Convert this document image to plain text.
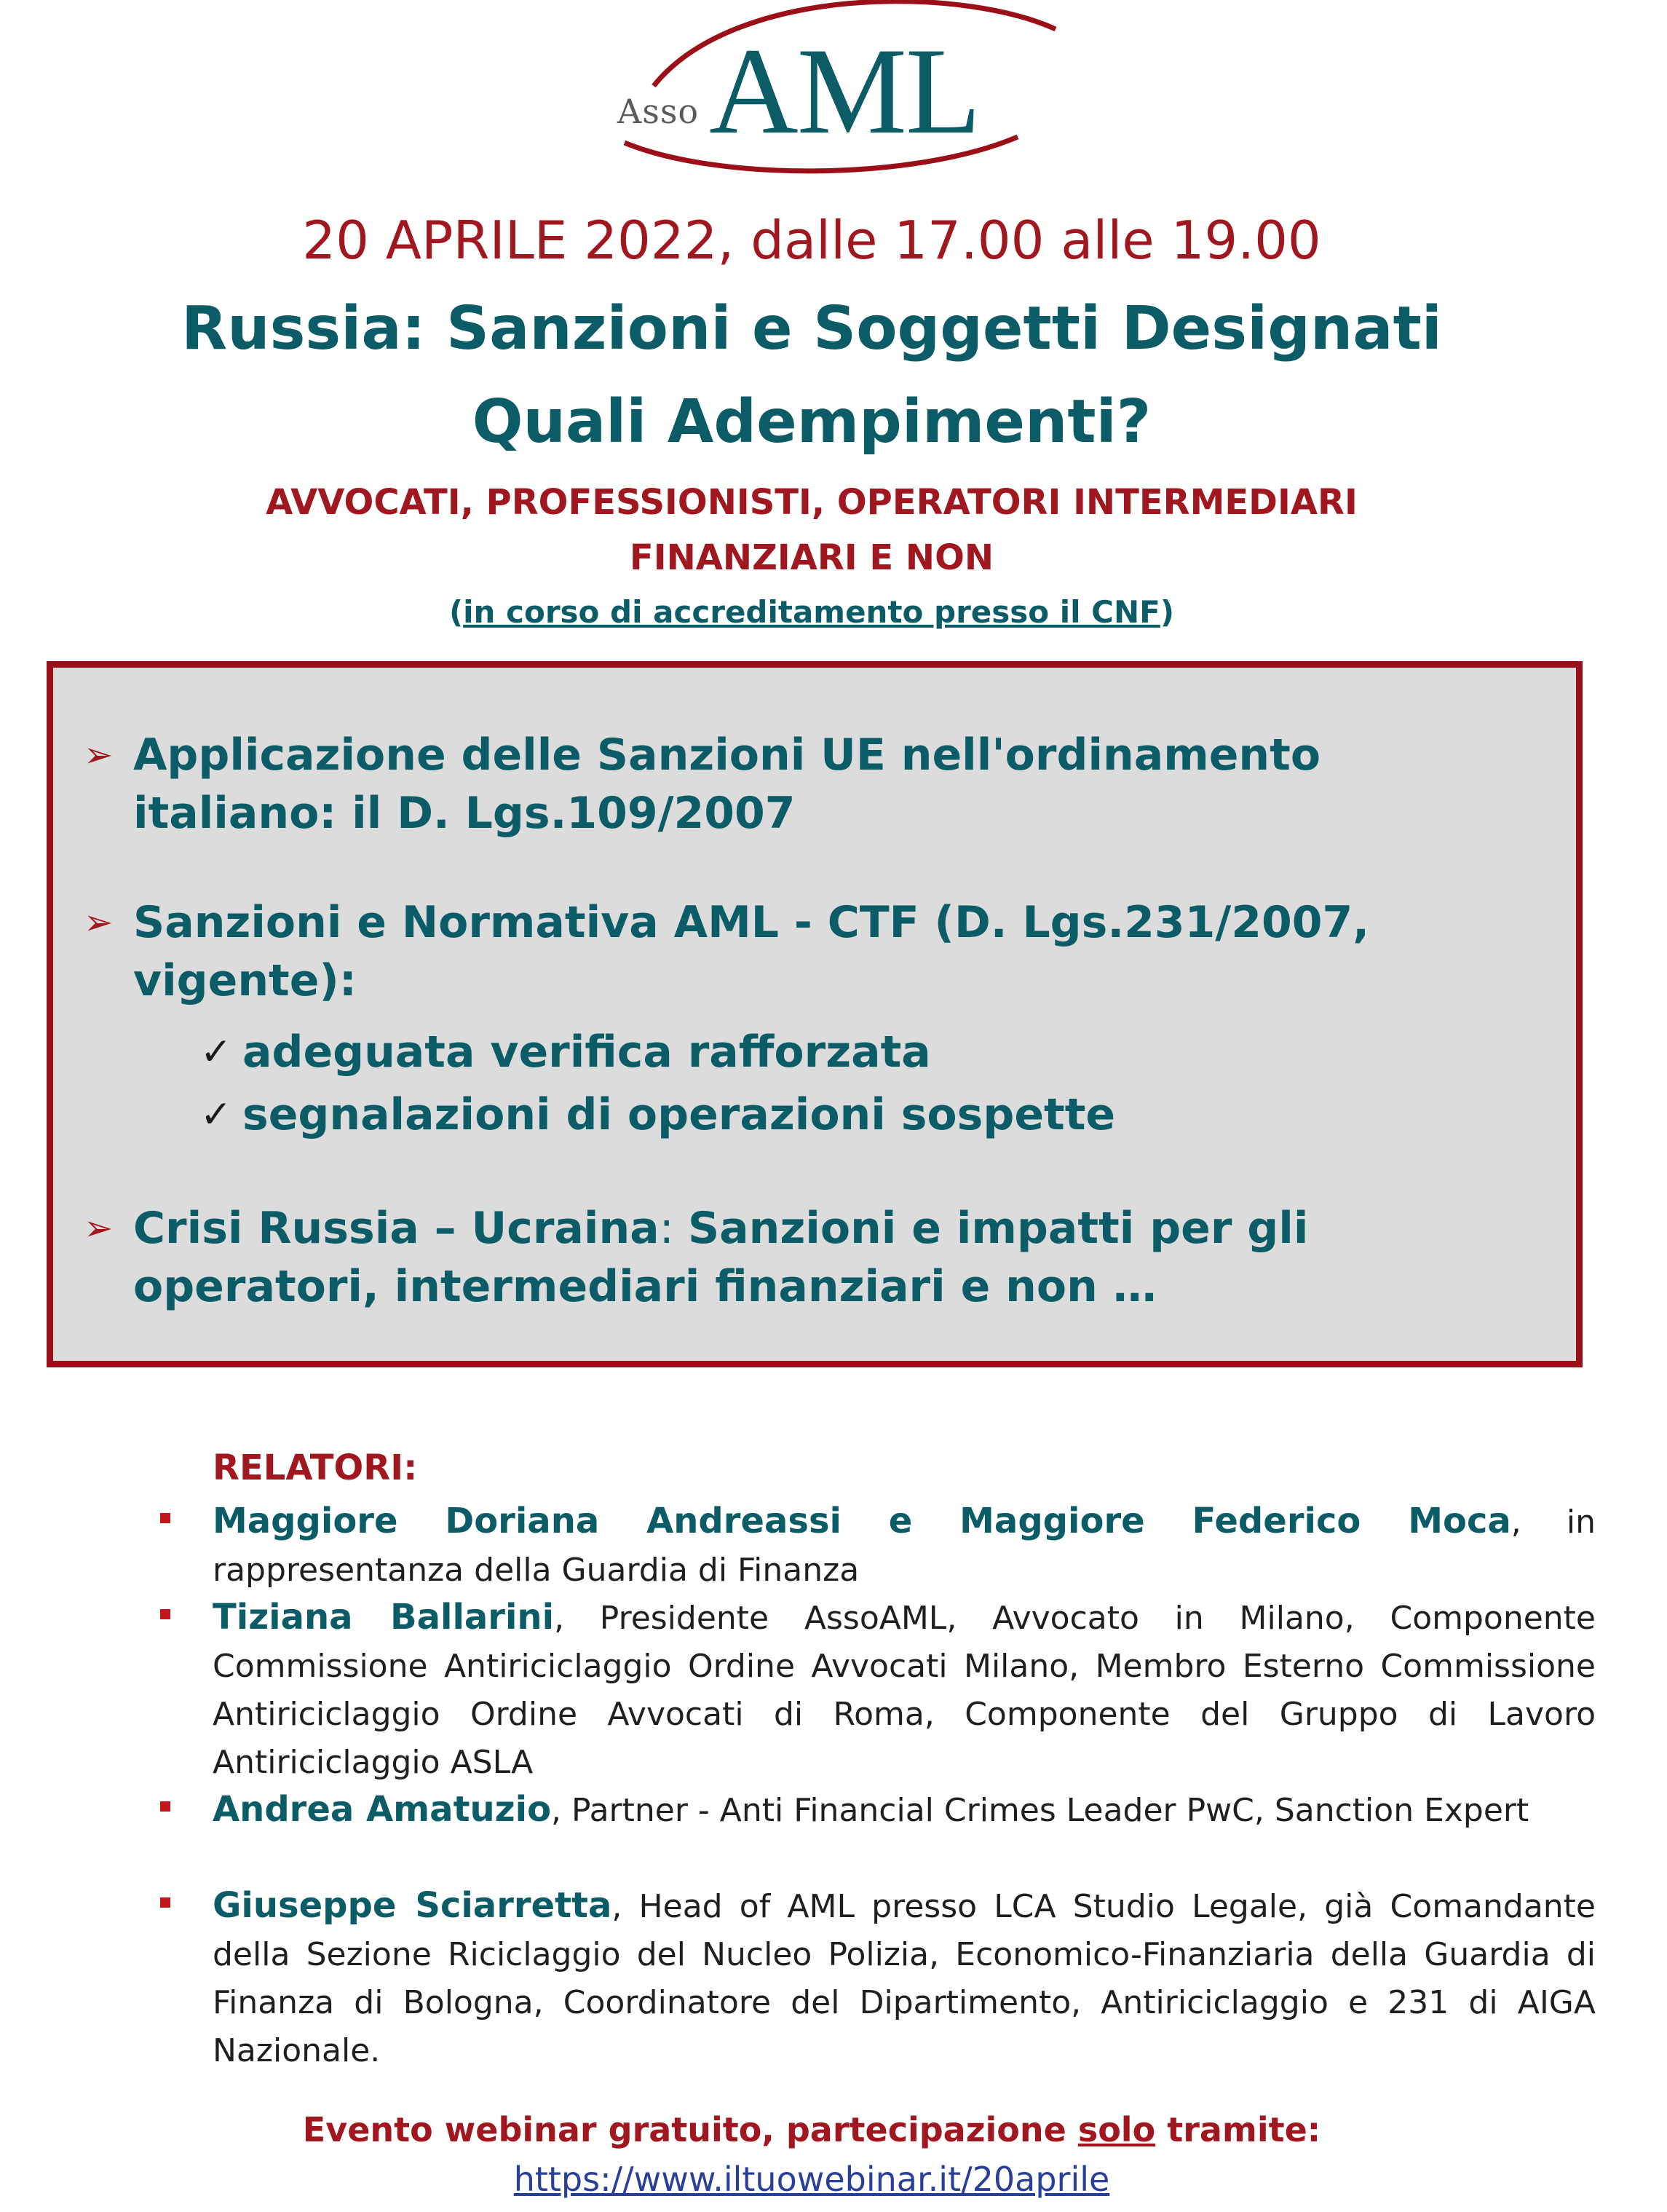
Asso AML
20 APRILE 2022, dalle 17.00 alle 19.00
Russia: Sanzioni e Soggetti Designati
Quali Adempimenti?
AVVOCATI, PROFESSIONISTI, OPERATORI INTERMEDIARI
FINANZIARI E NON
(in corso di accreditamento presso il CNF)
➢ Applicazione delle Sanzioni UE nell'ordinamento italiano: il D. Lgs.109/2007
➢ Sanzioni e Normativa AML - CTF (D. Lgs.231/2007, vigente):
✓ adeguata verifica rafforzata
✓ segnalazioni di operazioni sospette
➢ Crisi Russia – Ucraina: Sanzioni e impatti per gli operatori, intermediari finanziari e non …
RELATORI:
Maggiore Doriana Andreassi e Maggiore Federico Moca, in rappresentanza della Guardia di Finanza
Tiziana Ballarini, Presidente AssoAML, Avvocato in Milano, Componente Commissione Antiriciclaggio Ordine Avvocati Milano, Membro Esterno Commissione Antiriciclaggio Ordine Avvocati di Roma, Componente del Gruppo di Lavoro Antiriciclaggio ASLA
Andrea Amatuzio, Partner - Anti Financial Crimes Leader PwC, Sanction Expert
Giuseppe Sciarretta, Head of AML presso LCA Studio Legale, già Comandante della Sezione Riciclaggio del Nucleo Polizia, Economico-Finanziaria della Guardia di Finanza di Bologna, Coordinatore del Dipartimento, Antiriciclaggio e 231 di AIGA Nazionale.
Evento webinar gratuito, partecipazione solo tramite:
https://www.iltuowebinar.it/20aprile
